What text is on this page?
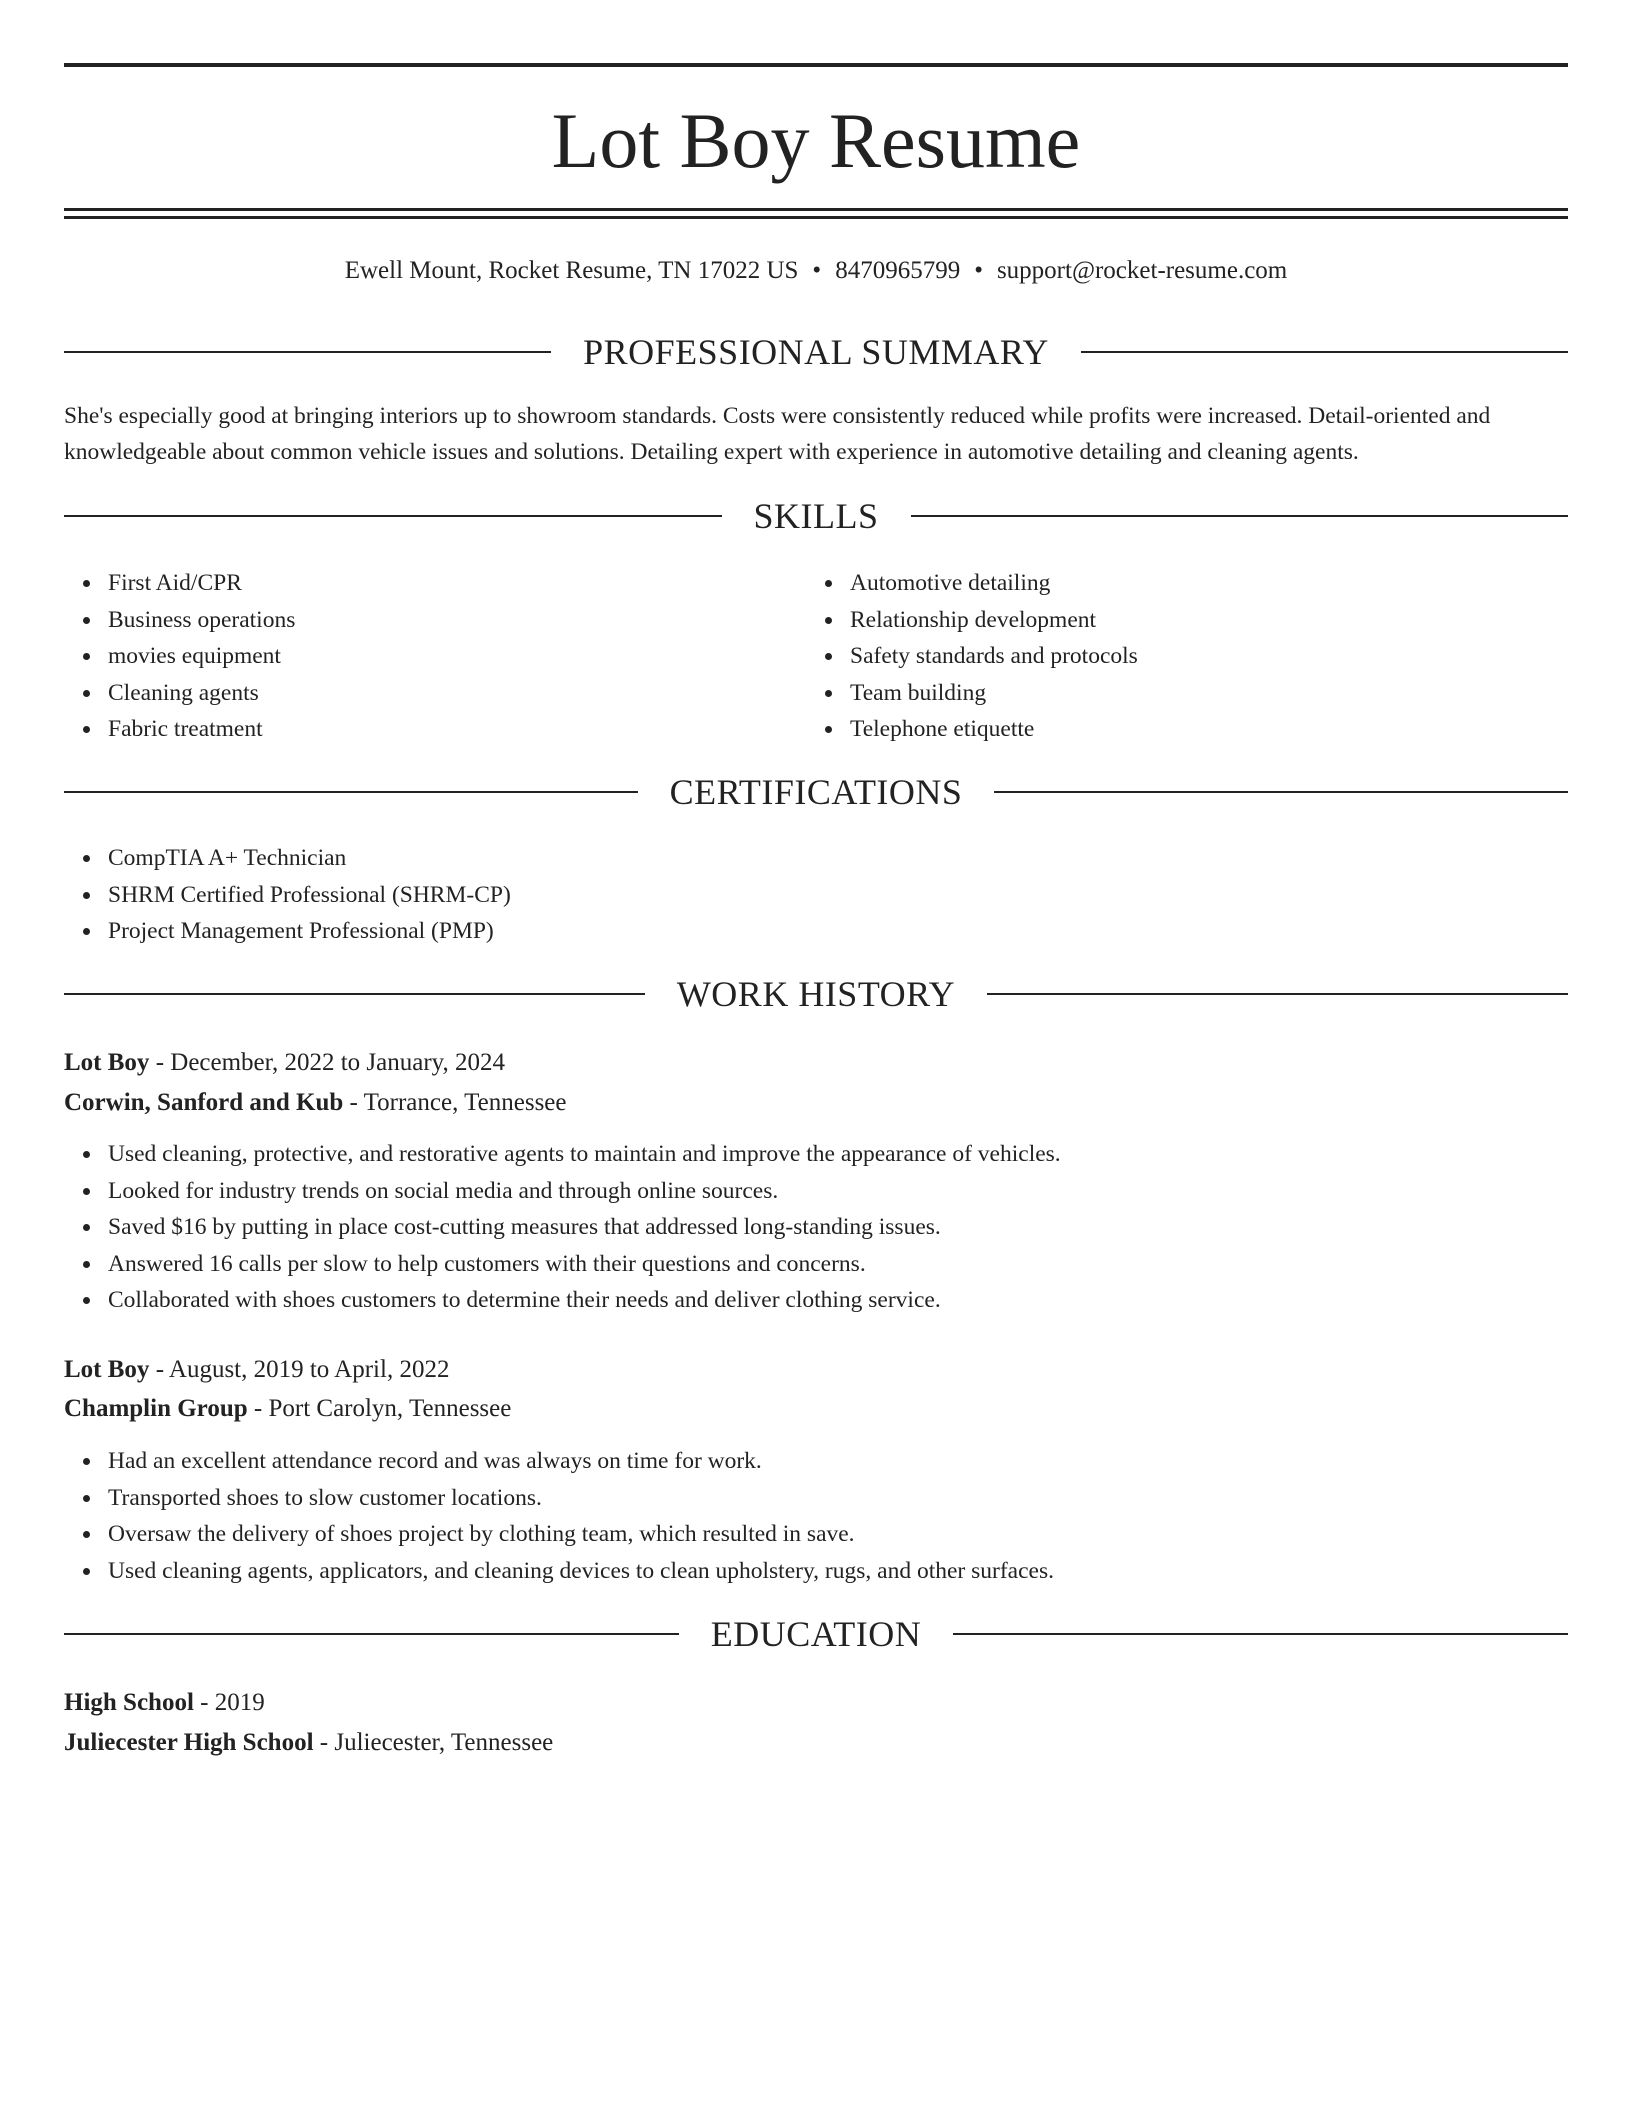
Lot Boy Resume
Ewell Mount, Rocket Resume, TN 17022 US • 8470965799 • support@rocket-resume.com
PROFESSIONAL SUMMARY
She's especially good at bringing interiors up to showroom standards. Costs were consistently reduced while profits were increased. Detail-oriented and knowledgeable about common vehicle issues and solutions. Detailing expert with experience in automotive detailing and cleaning agents.
SKILLS
First Aid/CPR
Business operations
movies equipment
Cleaning agents
Fabric treatment
Automotive detailing
Relationship development
Safety standards and protocols
Team building
Telephone etiquette
CERTIFICATIONS
CompTIA A+ Technician
SHRM Certified Professional (SHRM-CP)
Project Management Professional (PMP)
WORK HISTORY
Lot Boy - December, 2022 to January, 2024
Corwin, Sanford and Kub - Torrance, Tennessee
Used cleaning, protective, and restorative agents to maintain and improve the appearance of vehicles.
Looked for industry trends on social media and through online sources.
Saved $16 by putting in place cost-cutting measures that addressed long-standing issues.
Answered 16 calls per slow to help customers with their questions and concerns.
Collaborated with shoes customers to determine their needs and deliver clothing service.
Lot Boy - August, 2019 to April, 2022
Champlin Group - Port Carolyn, Tennessee
Had an excellent attendance record and was always on time for work.
Transported shoes to slow customer locations.
Oversaw the delivery of shoes project by clothing team, which resulted in save.
Used cleaning agents, applicators, and cleaning devices to clean upholstery, rugs, and other surfaces.
EDUCATION
High School - 2019
Juliecester High School - Juliecester, Tennessee
